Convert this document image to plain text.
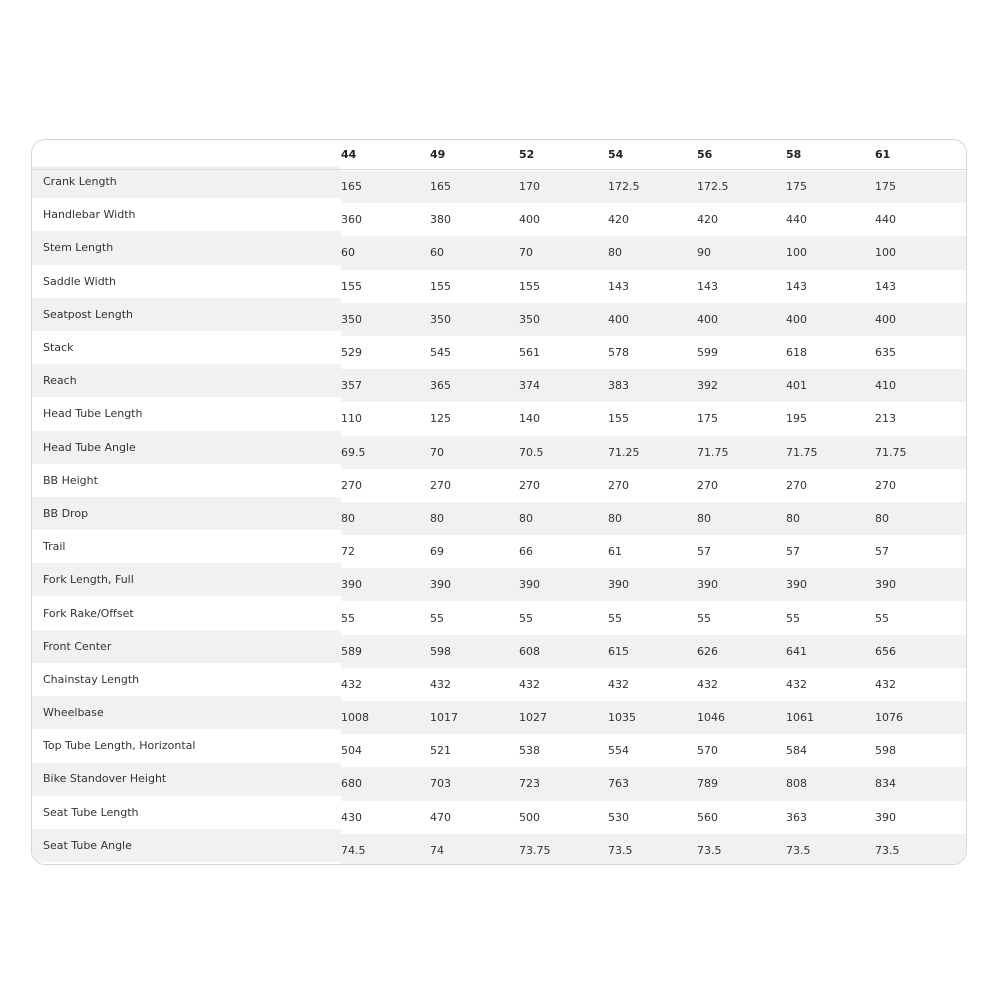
	44	49	52	54	56	58	61
Crank Length	165	165	170	172.5	172.5	175	175
Handlebar Width	360	380	400	420	420	440	440
Stem Length	60	60	70	80	90	100	100
Saddle Width	155	155	155	143	143	143	143
Seatpost Length	350	350	350	400	400	400	400
Stack	529	545	561	578	599	618	635
Reach	357	365	374	383	392	401	410
Head Tube Length	110	125	140	155	175	195	213
Head Tube Angle	69.5	70	70.5	71.25	71.75	71.75	71.75
BB Height	270	270	270	270	270	270	270
BB Drop	80	80	80	80	80	80	80
Trail	72	69	66	61	57	57	57
Fork Length, Full	390	390	390	390	390	390	390
Fork Rake/Offset	55	55	55	55	55	55	55
Front Center	589	598	608	615	626	641	656
Chainstay Length	432	432	432	432	432	432	432
Wheelbase	1008	1017	1027	1035	1046	1061	1076
Top Tube Length, Horizontal	504	521	538	554	570	584	598
Bike Standover Height	680	703	723	763	789	808	834
Seat Tube Length	430	470	500	530	560	363	390
Seat Tube Angle	74.5	74	73.75	73.5	73.5	73.5	73.5
